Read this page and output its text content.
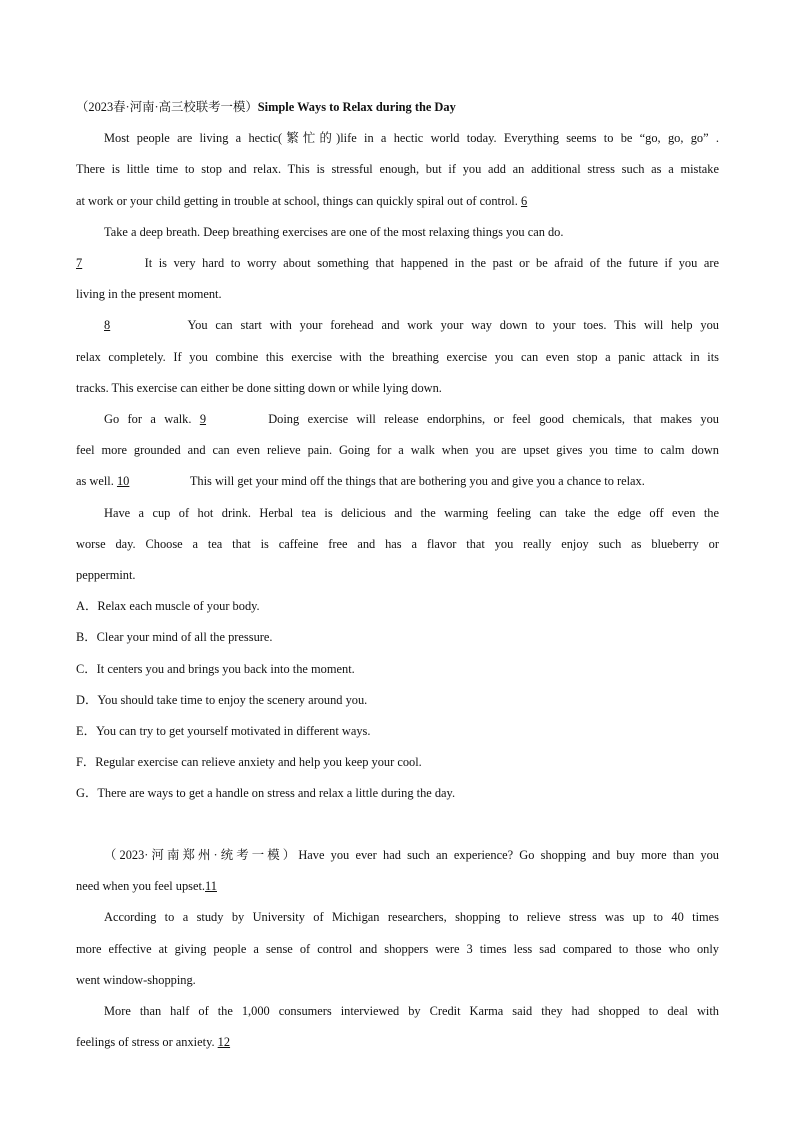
（2023春·河南·高三校联考一模）Simple Ways to Relax during the Day
Most people are living a hectic(繁忙的)life in a hectic world today. Everything seems to be “go, go, go” .
There is little time to stop and relax. This is stressful enough, but if you add an additional stress such as a mistake
at work or your child getting in trouble at school, things can quickly spiral out of control. 6
Take a deep breath. Deep breathing exercises are one of the most relaxing things you can do.
7	It is very hard to worry about something that happened in the past or be afraid of the future if you are
living in the present moment.
8	You can start with your forehead and work your way down to your toes. This will help you
relax completely. If you combine this exercise with the breathing exercise you can even stop a panic attack in its
tracks. This exercise can either be done sitting down or while lying down.
Go for a walk. 9	Doing exercise will release endorphins, or feel good chemicals, that makes you
feel more grounded and can even relieve pain. Going for a walk when you are upset gives you time to calm down
as well. 10	This will get your mind off the things that are bothering you and give you a chance to relax.
Have a cup of hot drink. Herbal tea is delicious and the warming feeling can take the edge off even the
worse day. Choose a tea that is caffeine free and has a flavor that you really enjoy such as blueberry or
peppermint.
A．Relax each muscle of your body.
B．Clear your mind of all the pressure.
C．It centers you and brings you back into the moment.
D．You should take time to enjoy the scenery around you.
E．You can try to get yourself motivated in different ways.
F．Regular exercise can relieve anxiety and help you keep your cool.
G．There are ways to get a handle on stress and relax a little during the day.
（2023·河南郑州·统考一模）Have you ever had such an experience? Go shopping and buy more than you
need when you feel upset.11
According to a study by University of Michigan researchers, shopping to relieve stress was up to 40 times
more effective at giving people a sense of control and shoppers were 3 times less sad compared to those who only
went window-shopping.
More than half of the 1,000 consumers interviewed by Credit Karma said they had shopped to deal with
feelings of stress or anxiety. 12
